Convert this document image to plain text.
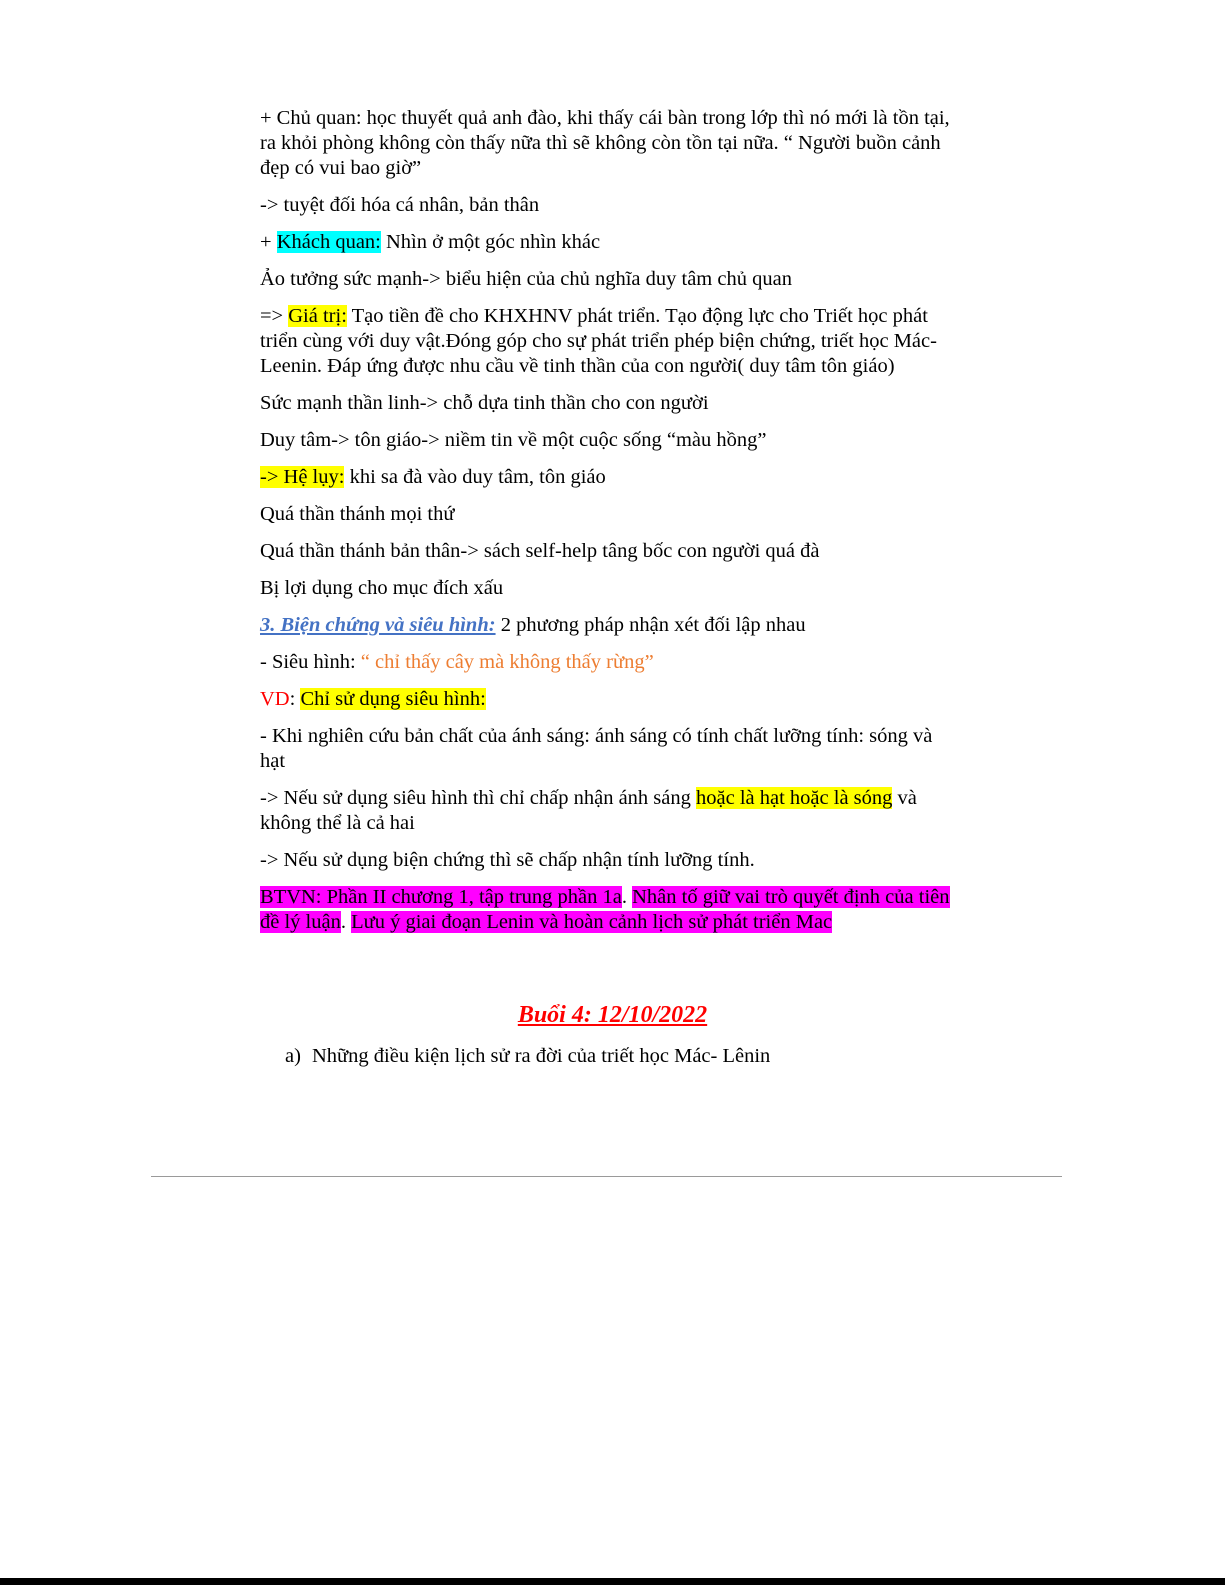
+ Chủ quan: học thuyết quả anh đào, khi thấy cái bàn trong lớp thì nó mới là tồn tại, ra khỏi phòng không còn thấy nữa thì sẽ không còn tồn tại nữa. “ Người buồn cảnh đẹp có vui bao giờ”

-> tuyệt đối hóa cá nhân, bản thân

+ Khách quan: Nhìn ở một góc nhìn khác

Ảo tưởng sức mạnh-> biểu hiện của chủ nghĩa duy tâm chủ quan

=> Giá trị: Tạo tiền đề cho KHXHNV phát triển. Tạo động lực cho Triết học phát triển cùng với duy vật.Đóng góp cho sự phát triển phép biện chứng, triết học Mác-Leenin. Đáp ứng được nhu cầu về tinh thần của con người( duy tâm tôn giáo)

Sức mạnh thần linh-> chỗ dựa tinh thần cho con người

Duy tâm-> tôn giáo-> niềm tin về một cuộc sống “màu hồng”

-> Hệ lụy: khi sa đà vào duy tâm, tôn giáo

Quá thần thánh mọi thứ

Quá thần thánh bản thân-> sách self-help tâng bốc con người quá đà

Bị lợi dụng cho mục đích xấu

3. Biện chứng và siêu hình: 2 phương pháp nhận xét đối lập nhau

- Siêu hình: “ chỉ thấy cây mà không thấy rừng”

VD: Chỉ sử dụng siêu hình:

- Khi nghiên cứu bản chất của ánh sáng: ánh sáng có tính chất lưỡng tính: sóng và hạt

-> Nếu sử dụng siêu hình thì chỉ chấp nhận ánh sáng hoặc là hạt hoặc là sóng và không thể là cả hai

-> Nếu sử dụng biện chứng thì sẽ chấp nhận tính lưỡng tính.

BTVN: Phần II chương 1, tập trung phần 1a. Nhân tố giữ vai trò quyết định của tiên đề lý luận. Lưu ý giai đoạn Lenin và hoàn cảnh lịch sử phát triển Mac

Buổi 4: 12/10/2022
a) Những điều kiện lịch sử ra đời của triết học Mác- Lênin
